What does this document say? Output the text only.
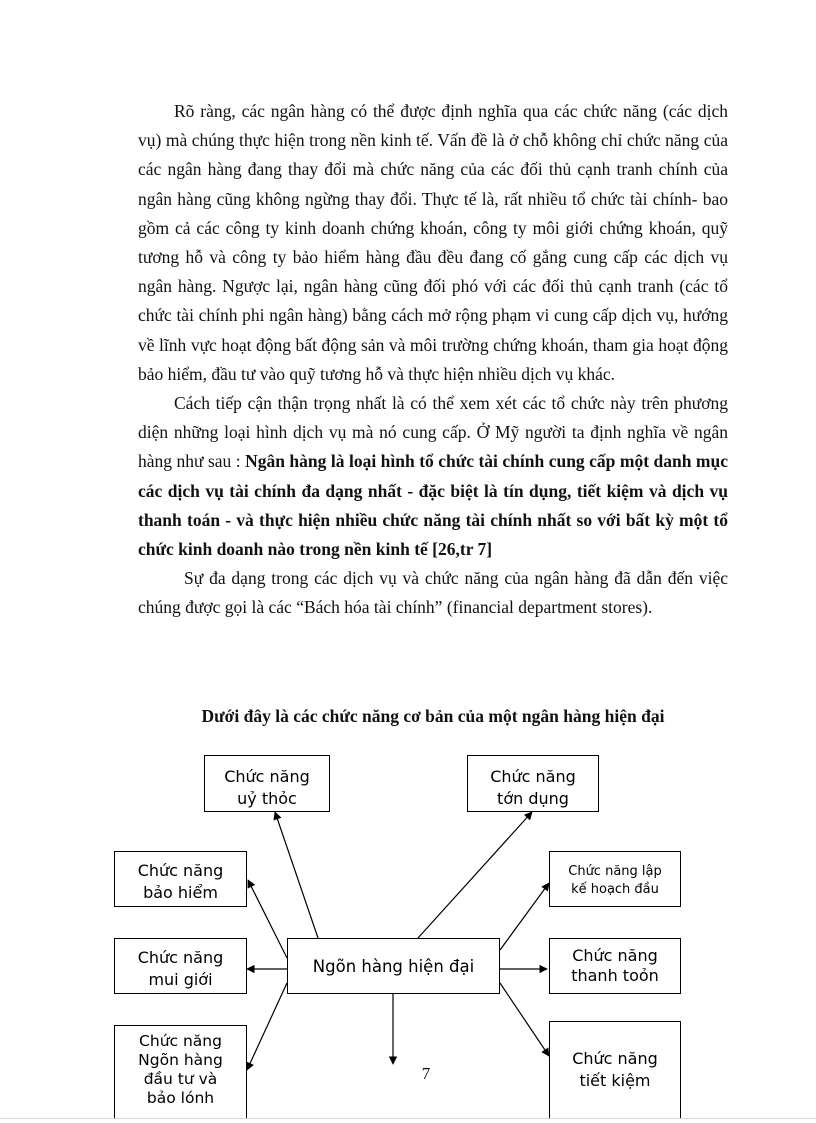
Rõ ràng, các ngân hàng có thể được định nghĩa qua các chức năng (các dịch vụ) mà chúng thực hiện trong nền kinh tế. Vấn đề là ở chỗ không chỉ chức năng của các ngân hàng đang thay đổi mà chức năng của các đối thủ cạnh tranh chính của ngân hàng cũng không ngừng thay đổi. Thực tế là, rất nhiều tổ chức tài chính- bao gồm cả các công ty kinh doanh chứng khoán, công ty môi giới chứng khoán, quỹ tương hỗ và công ty bảo hiểm hàng đầu đều đang cố gắng cung cấp các dịch vụ ngân hàng. Ngược lại, ngân hàng cũng đối phó với các đối thủ cạnh tranh (các tổ chức tài chính phi ngân hàng) bằng cách mở rộng phạm vi cung cấp dịch vụ, hướng về lĩnh vực hoạt động bất động sản và môi trường chứng khoán, tham gia hoạt động bảo hiểm, đầu tư vào quỹ tương hỗ và thực hiện nhiều dịch vụ khác.

Cách tiếp cận thận trọng nhất là có thể xem xét các tổ chức này trên phương diện những loại hình dịch vụ mà nó cung cấp. Ở Mỹ người ta định nghĩa về ngân hàng như sau : Ngân hàng là loại hình tổ chức tài chính cung cấp một danh mục các dịch vụ tài chính đa dạng nhất - đặc biệt là tín dụng, tiết kiệm và dịch vụ thanh toán - và thực hiện nhiều chức năng tài chính nhất so với bất kỳ một tổ chức kinh doanh nào trong nền kinh tế [26,tr 7]

Sự đa dạng trong các dịch vụ và chức năng của ngân hàng đã dẫn đến việc chúng được gọi là các “Bách hóa tài chính” (financial department stores).

Dưới đây là các chức năng cơ bản của một ngân hàng hiện đại
Ngõn hàng hiện đại
Chức năng
uỷ thỏc
Chức năng
tớn dụng
Chức năng
bảo hiểm
Chức năng lập
kế hoạch đầu
Chức năng
mui giới
Chức năng
thanh toỏn
Chức năng
Ngõn hàng
đầu tư và
bảo lónh
Chức năng
tiết kiệm
7
